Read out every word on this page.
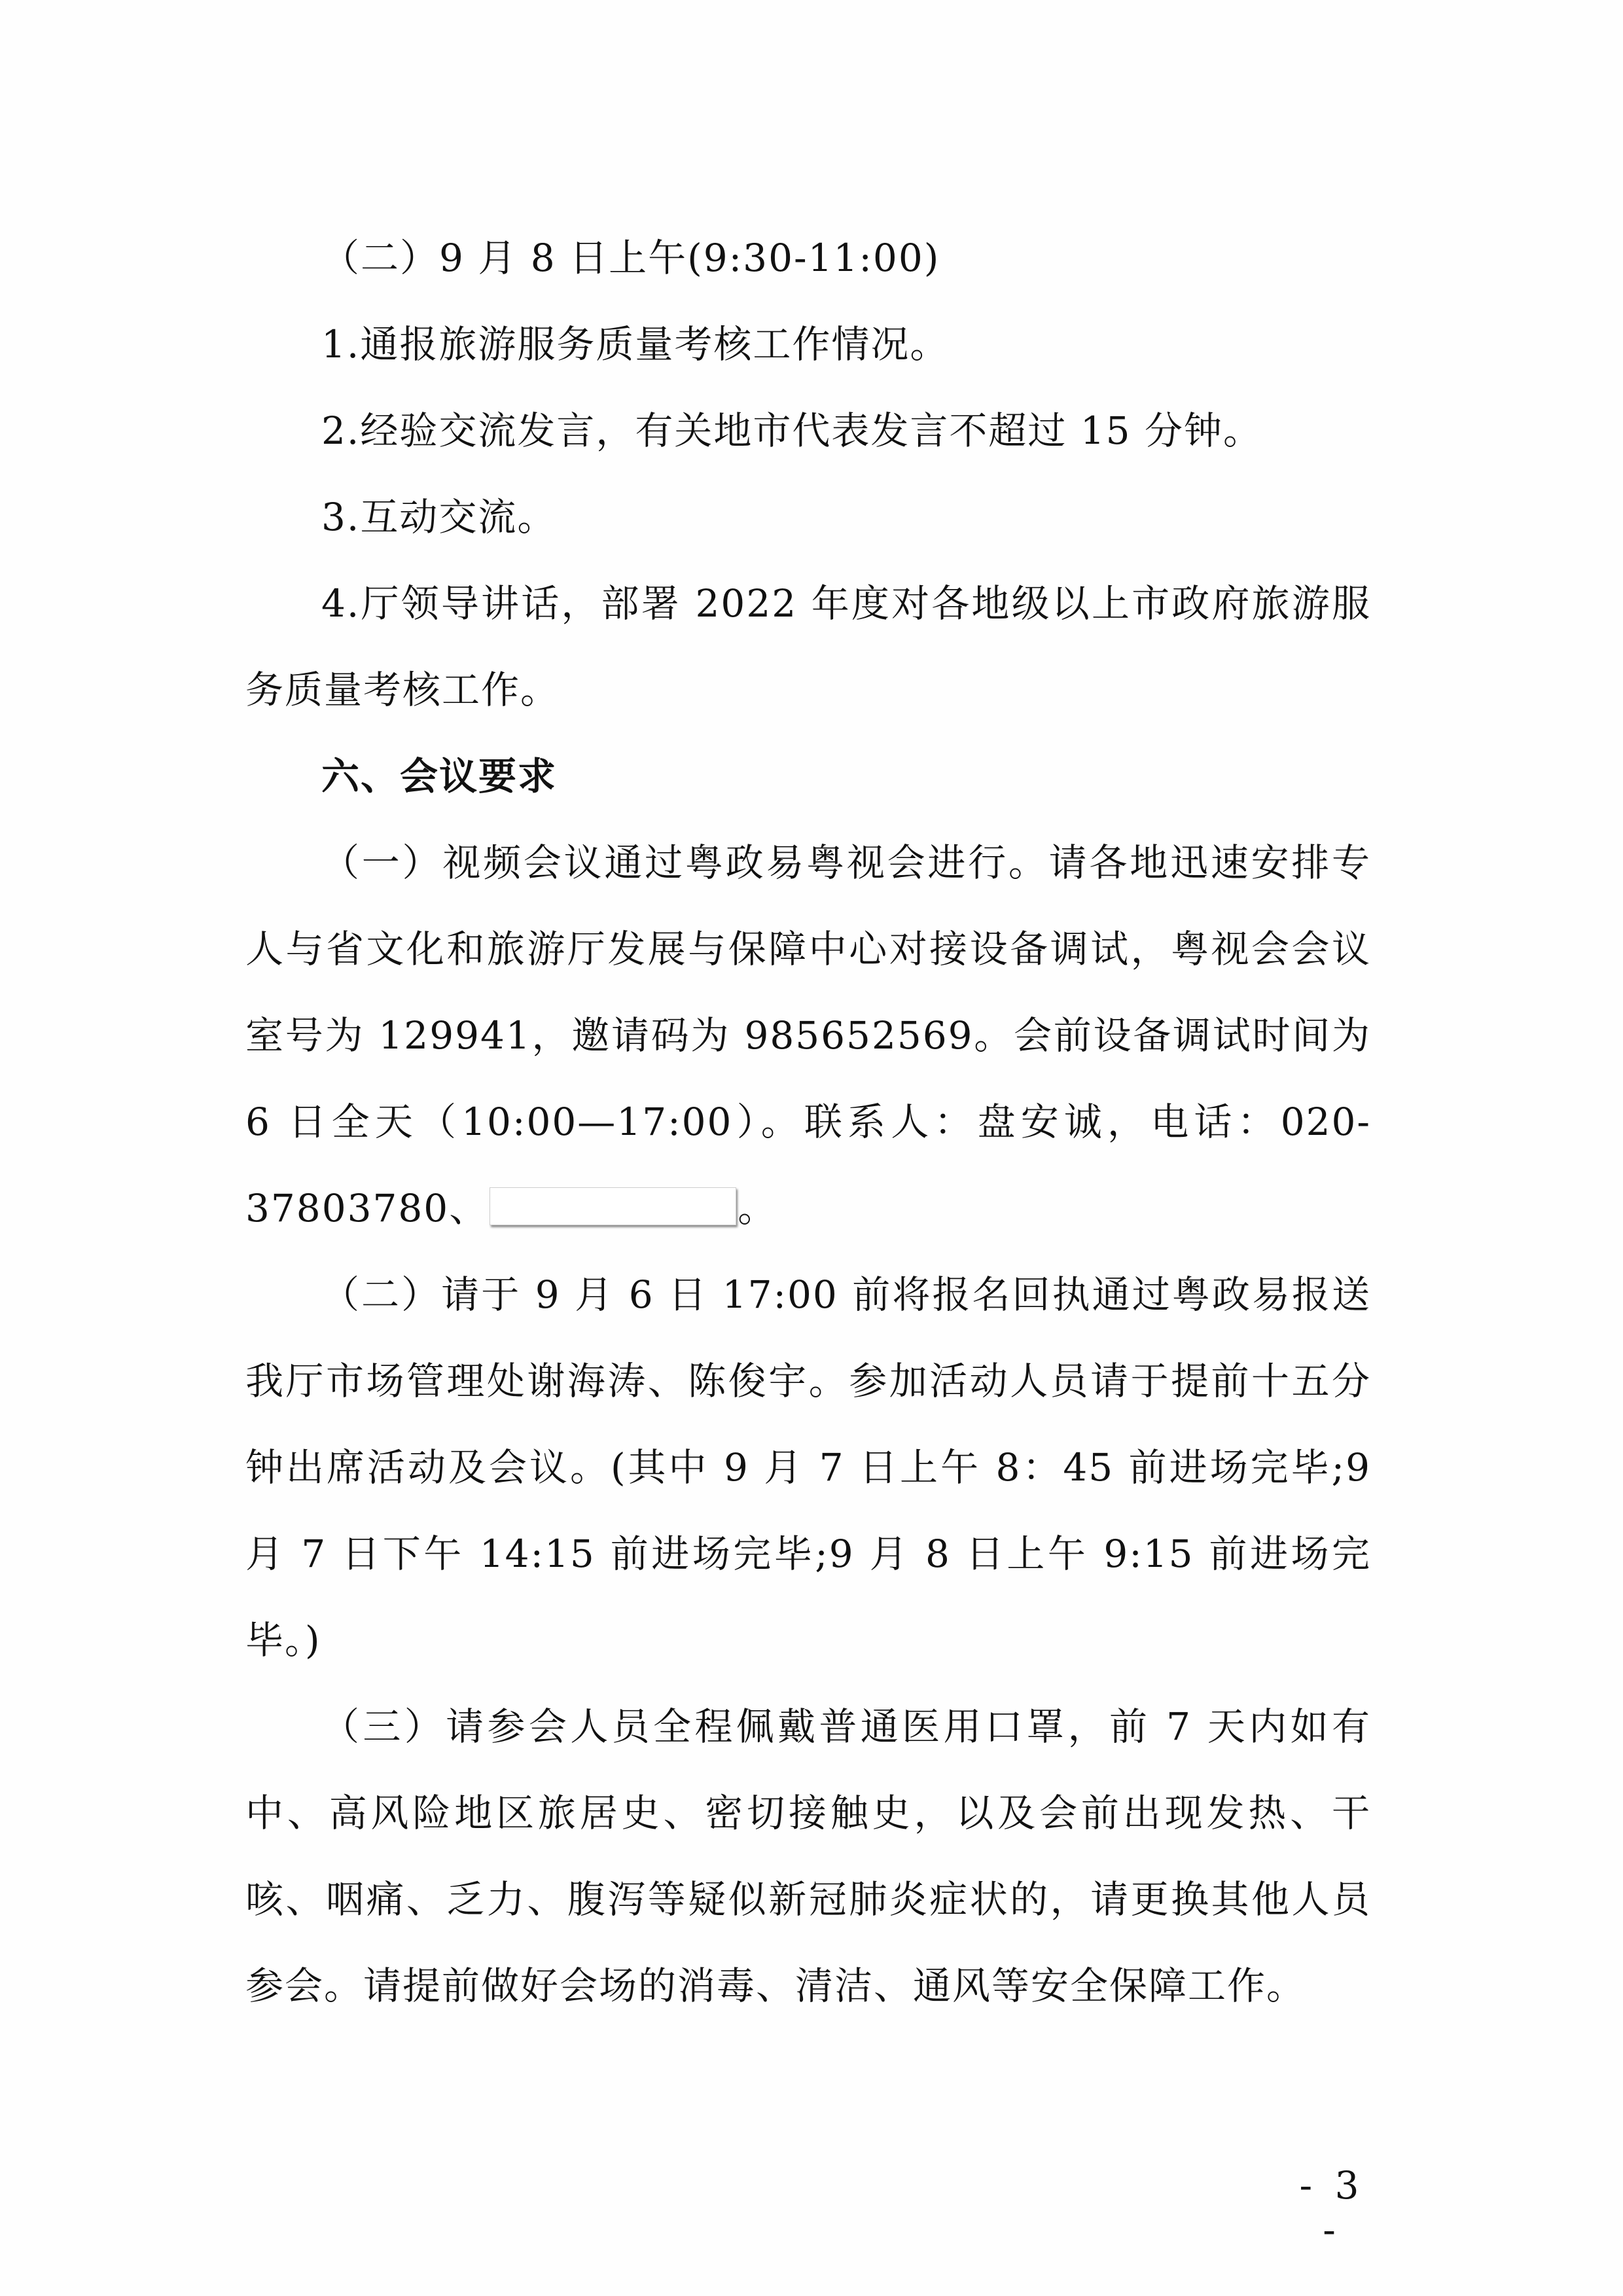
（二）9 月 8 日上午(9:30-11:00)

1.通报旅游服务质量考核工作情况。

2.经验交流发言，有关地市代表发言不超过 15 分钟。

3.互动交流。

4.厅领导讲话，部署 2022 年度对各地级以上市政府旅游服务质量考核工作。

六、会议要求

（一）视频会议通过粤政易粤视会进行。请各地迅速安排专人与省文化和旅游厅发展与保障中心对接设备调试，粤视会会议室号为 129941，邀请码为 985652569。会前设备调试时间为 6 日全天（10:00—17:00）。联系人：盘安诚，电话：020-37803780、	。

（二）请于 9 月 6 日 17:00 前将报名回执通过粤政易报送我厅市场管理处谢海涛、陈俊宇。参加活动人员请于提前十五分钟出席活动及会议。(其中 9 月 7 日上午 8：45 前进场完毕;9 月 7 日下午 14:15 前进场完毕;9 月 8 日上午 9:15 前进场完毕。)

（三）请参会人员全程佩戴普通医用口罩，前 7 天内如有中、高风险地区旅居史、密切接触史，以及会前出现发热、干咳、咽痛、乏力、腹泻等疑似新冠肺炎症状的，请更换其他人员参会。请提前做好会场的消毒、清洁、通风等安全保障工作。

- 3 -
